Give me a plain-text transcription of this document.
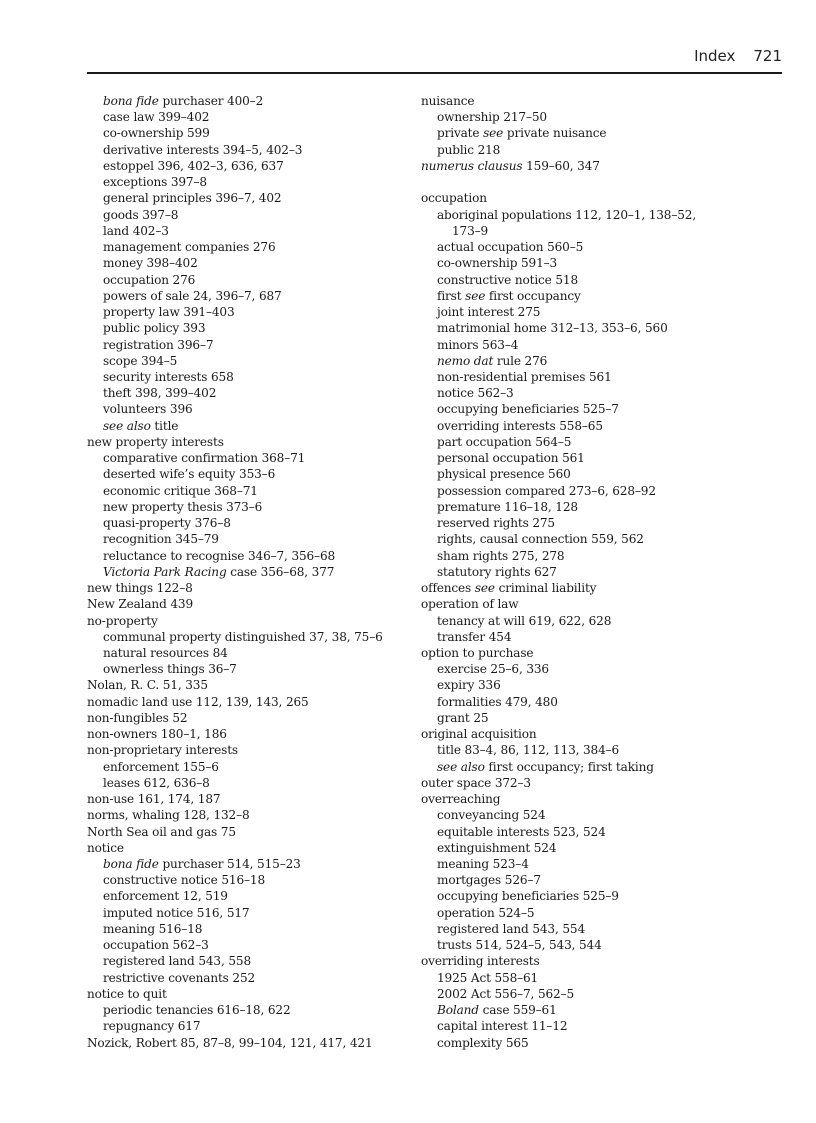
Index 721
bona fide purchaser 400–2
case law 399–402
co-ownership 599
derivative interests 394–5, 402–3
estoppel 396, 402–3, 636, 637
exceptions 397–8
general principles 396–7, 402
goods 397–8
land 402–3
management companies 276
money 398–402
occupation 276
powers of sale 24, 396–7, 687
property law 391–403
public policy 393
registration 396–7
scope 394–5
security interests 658
theft 398, 399–402
volunteers 396
see also title
new property interests
comparative confirmation 368–71
deserted wife’s equity 353–6
economic critique 368–71
new property thesis 373–6
quasi-property 376–8
recognition 345–79
reluctance to recognise 346–7, 356–68
Victoria Park Racing case 356–68, 377
new things 122–8
New Zealand 439
no-property
communal property distinguished 37, 38, 75–6
natural resources 84
ownerless things 36–7
Nolan, R. C. 51, 335
nomadic land use 112, 139, 143, 265
non-fungibles 52
non-owners 180–1, 186
non-proprietary interests
enforcement 155–6
leases 612, 636–8
non-use 161, 174, 187
norms, whaling 128, 132–8
North Sea oil and gas 75
notice
bona fide purchaser 514, 515–23
constructive notice 516–18
enforcement 12, 519
imputed notice 516, 517
meaning 516–18
occupation 562–3
registered land 543, 558
restrictive covenants 252
notice to quit
periodic tenancies 616–18, 622
repugnancy 617
Nozick, Robert 85, 87–8, 99–104, 121, 417, 421
nuisance
ownership 217–50
private see private nuisance
public 218
numerus clausus 159–60, 347
occupation
aboriginal populations 112, 120–1, 138–52,
173–9
actual occupation 560–5
co-ownership 591–3
constructive notice 518
first see first occupancy
joint interest 275
matrimonial home 312–13, 353–6, 560
minors 563–4
nemo dat rule 276
non-residential premises 561
notice 562–3
occupying beneficiaries 525–7
overriding interests 558–65
part occupation 564–5
personal occupation 561
physical presence 560
possession compared 273–6, 628–92
premature 116–18, 128
reserved rights 275
rights, causal connection 559, 562
sham rights 275, 278
statutory rights 627
offences see criminal liability
operation of law
tenancy at will 619, 622, 628
transfer 454
option to purchase
exercise 25–6, 336
expiry 336
formalities 479, 480
grant 25
original acquisition
title 83–4, 86, 112, 113, 384–6
see also first occupancy; first taking
outer space 372–3
overreaching
conveyancing 524
equitable interests 523, 524
extinguishment 524
meaning 523–4
mortgages 526–7
occupying beneficiaries 525–9
operation 524–5
registered land 543, 554
trusts 514, 524–5, 543, 544
overriding interests
1925 Act 558–61
2002 Act 556–7, 562–5
Boland case 559–61
capital interest 11–12
complexity 565
